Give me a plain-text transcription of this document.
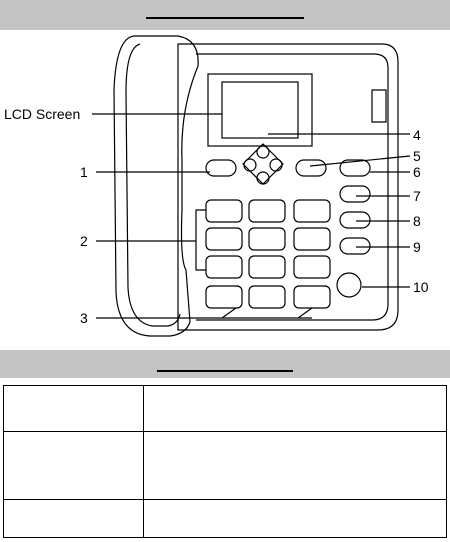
LCD Screen
1
2
3
4
5
6
7
8
9
10
